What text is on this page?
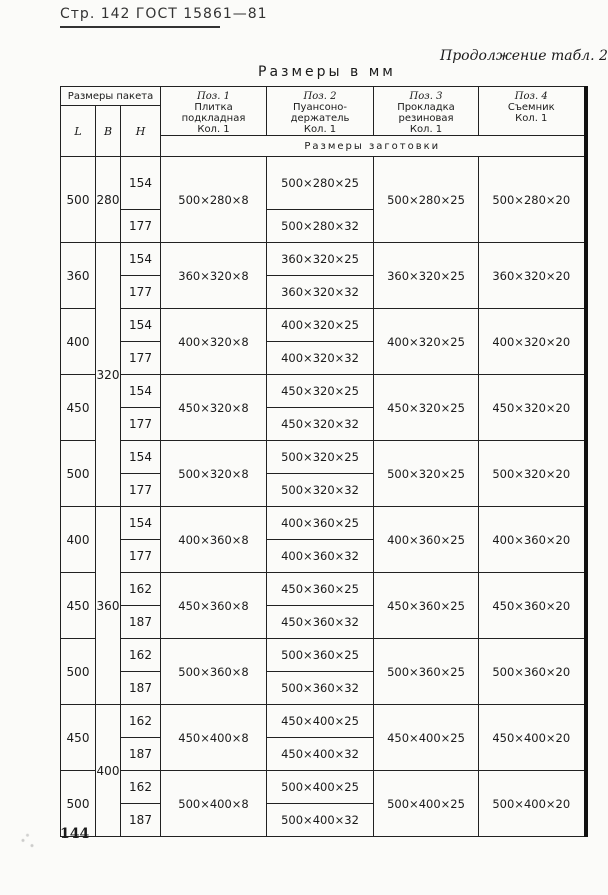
Стр. 142 ГОСТ 15861—81
Продолжение табл. 2
Размеры в мм
Размеры пакета			Поз. 1
Плитка
подкладная
Кол. 1	Поз. 2
Пуансоно-
держатель
Кол. 1	Поз. 3
Прокладка
резиновая
Кол. 1	Поз. 4
Съемник
Кол. 1

L	B	H				
			Размеры заготовки			
500	280	154	500×280×8	500×280×25	500×280×25	500×280×20
		177		500×280×32		
360	320	154	360×320×8	360×320×25	360×320×25	360×320×20
		177		360×320×32		
400		154	400×320×8	400×320×25	400×320×25	400×320×20
		177		400×320×32		
450		154	450×320×8	450×320×25	450×320×25	450×320×20
		177		450×320×32		
500		154	500×320×8	500×320×25	500×320×25	500×320×20
		177		500×320×32		
400	360	154	400×360×8	400×360×25	400×360×25	400×360×20
		177		400×360×32		
450		162	450×360×8	450×360×25	450×360×25	450×360×20
		187		450×360×32		
500		162	500×360×8	500×360×25	500×360×25	500×360×20
		187		500×360×32		
450	400	162	450×400×8	450×400×25	450×400×25	450×400×20
		187		450×400×32		
500		162	500×400×8	500×400×25	500×400×25	500×400×20
		187		500×400×32		
144
